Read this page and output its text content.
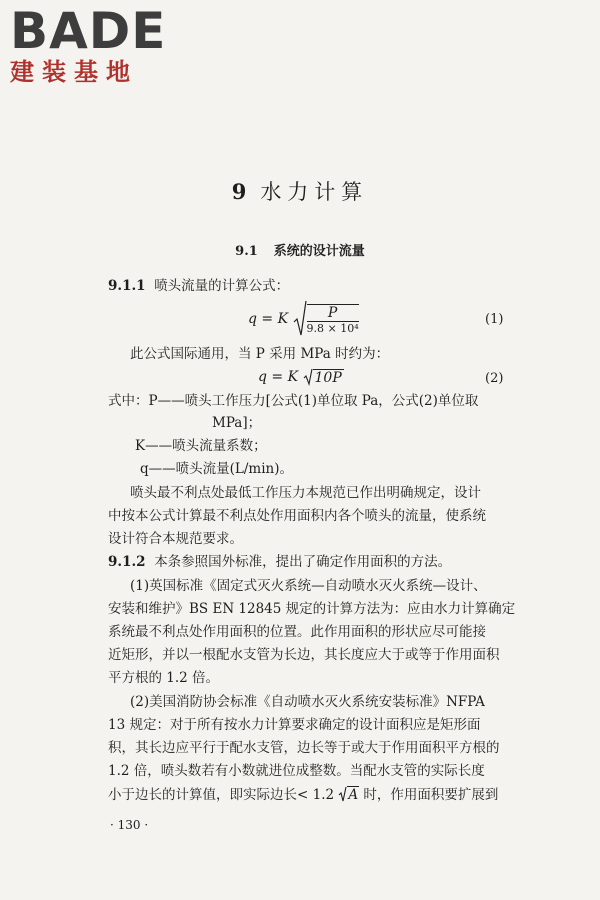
BADE
建装基地
9 水力计算
9.1 系统的设计流量
9.1.1 喷头流量的计算公式：
q = K $\frac{P}{\text{9.8 × 10⁴}}$	(1)
此公式国际通用，当 P 采用 MPa 时约为：
q = K 10P	(2)
式中：P——喷头工作压力[公式(1)单位取 Pa，公式(2)单位取
MPa]；
K——喷头流量系数；
q——喷头流量(L/min)。
喷头最不利点处最低工作压力本规范已作出明确规定，设计
中按本公式计算最不利点处作用面积内各个喷头的流量，使系统
设计符合本规范要求。
9.1.2 本条参照国外标准，提出了确定作用面积的方法。
(1)英国标准《固定式灭火系统—自动喷水灭火系统—设计、
安装和维护》BS EN 12845 规定的计算方法为：应由水力计算确定
系统最不利点处作用面积的位置。此作用面积的形状应尽可能接
近矩形，并以一根配水支管为长边，其长度应大于或等于作用面积
平方根的 1.2 倍。
(2)美国消防协会标准《自动喷水灭火系统安装标准》NFPA
13 规定：对于所有按水力计算要求确定的设计面积应是矩形面
积，其长边应平行于配水支管，边长等于或大于作用面积平方根的
1.2 倍，喷头数若有小数就进位成整数。当配水支管的实际长度
小于边长的计算值，即实际边长< 1.2 A 时，作用面积要扩展到
· 130 ·
